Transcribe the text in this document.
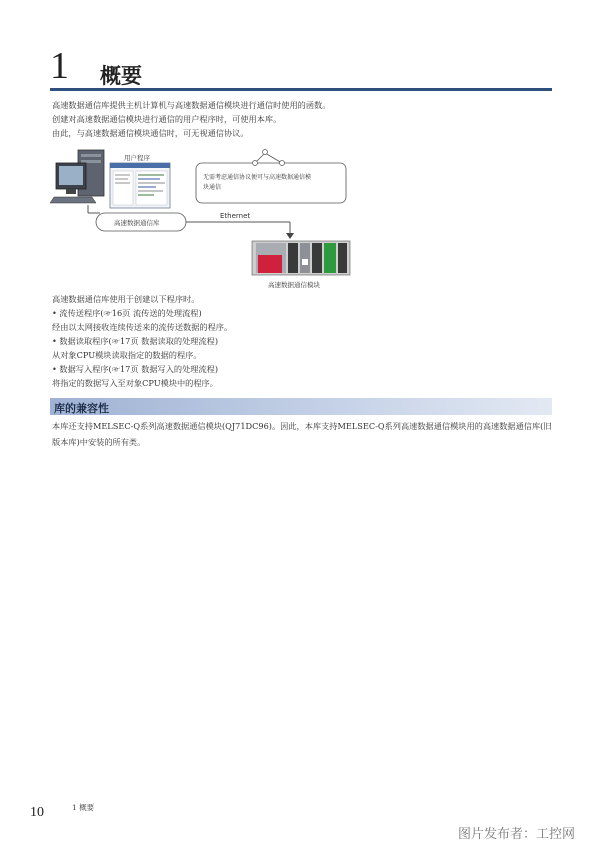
1 概要
高速数据通信库提供主机计算机与高速数据通信模块进行通信时使用的函数。
创建对高速数据通信模块进行通信的用户程序时，可使用本库。
由此，与高速数据通信模块通信时，可无视通信协议。
用户程序
无需考虑通信协议便可与高速数据通信模
块通信
高速数据通信库
Ethernet
高速数据通信模块
高速数据通信库使用于创建以下程序时。
• 流传送程序(☞16页 流传送的处理流程)
经由以太网接收连续传送来的流传送数据的程序。
• 数据读取程序(☞17页 数据读取的处理流程)
从对象CPU模块读取指定的数据的程序。
• 数据写入程序(☞17页 数据写入的处理流程)
将指定的数据写入至对象CPU模块中的程序。
库的兼容性
本库还支持MELSEC-Q系列高速数据通信模块(QJ71DC96)。因此，本库支持MELSEC-Q系列高速数据通信模块用的高速数据通信库(旧版本库)中安装的所有类。
10	1 概要
图片发布者：工控网
